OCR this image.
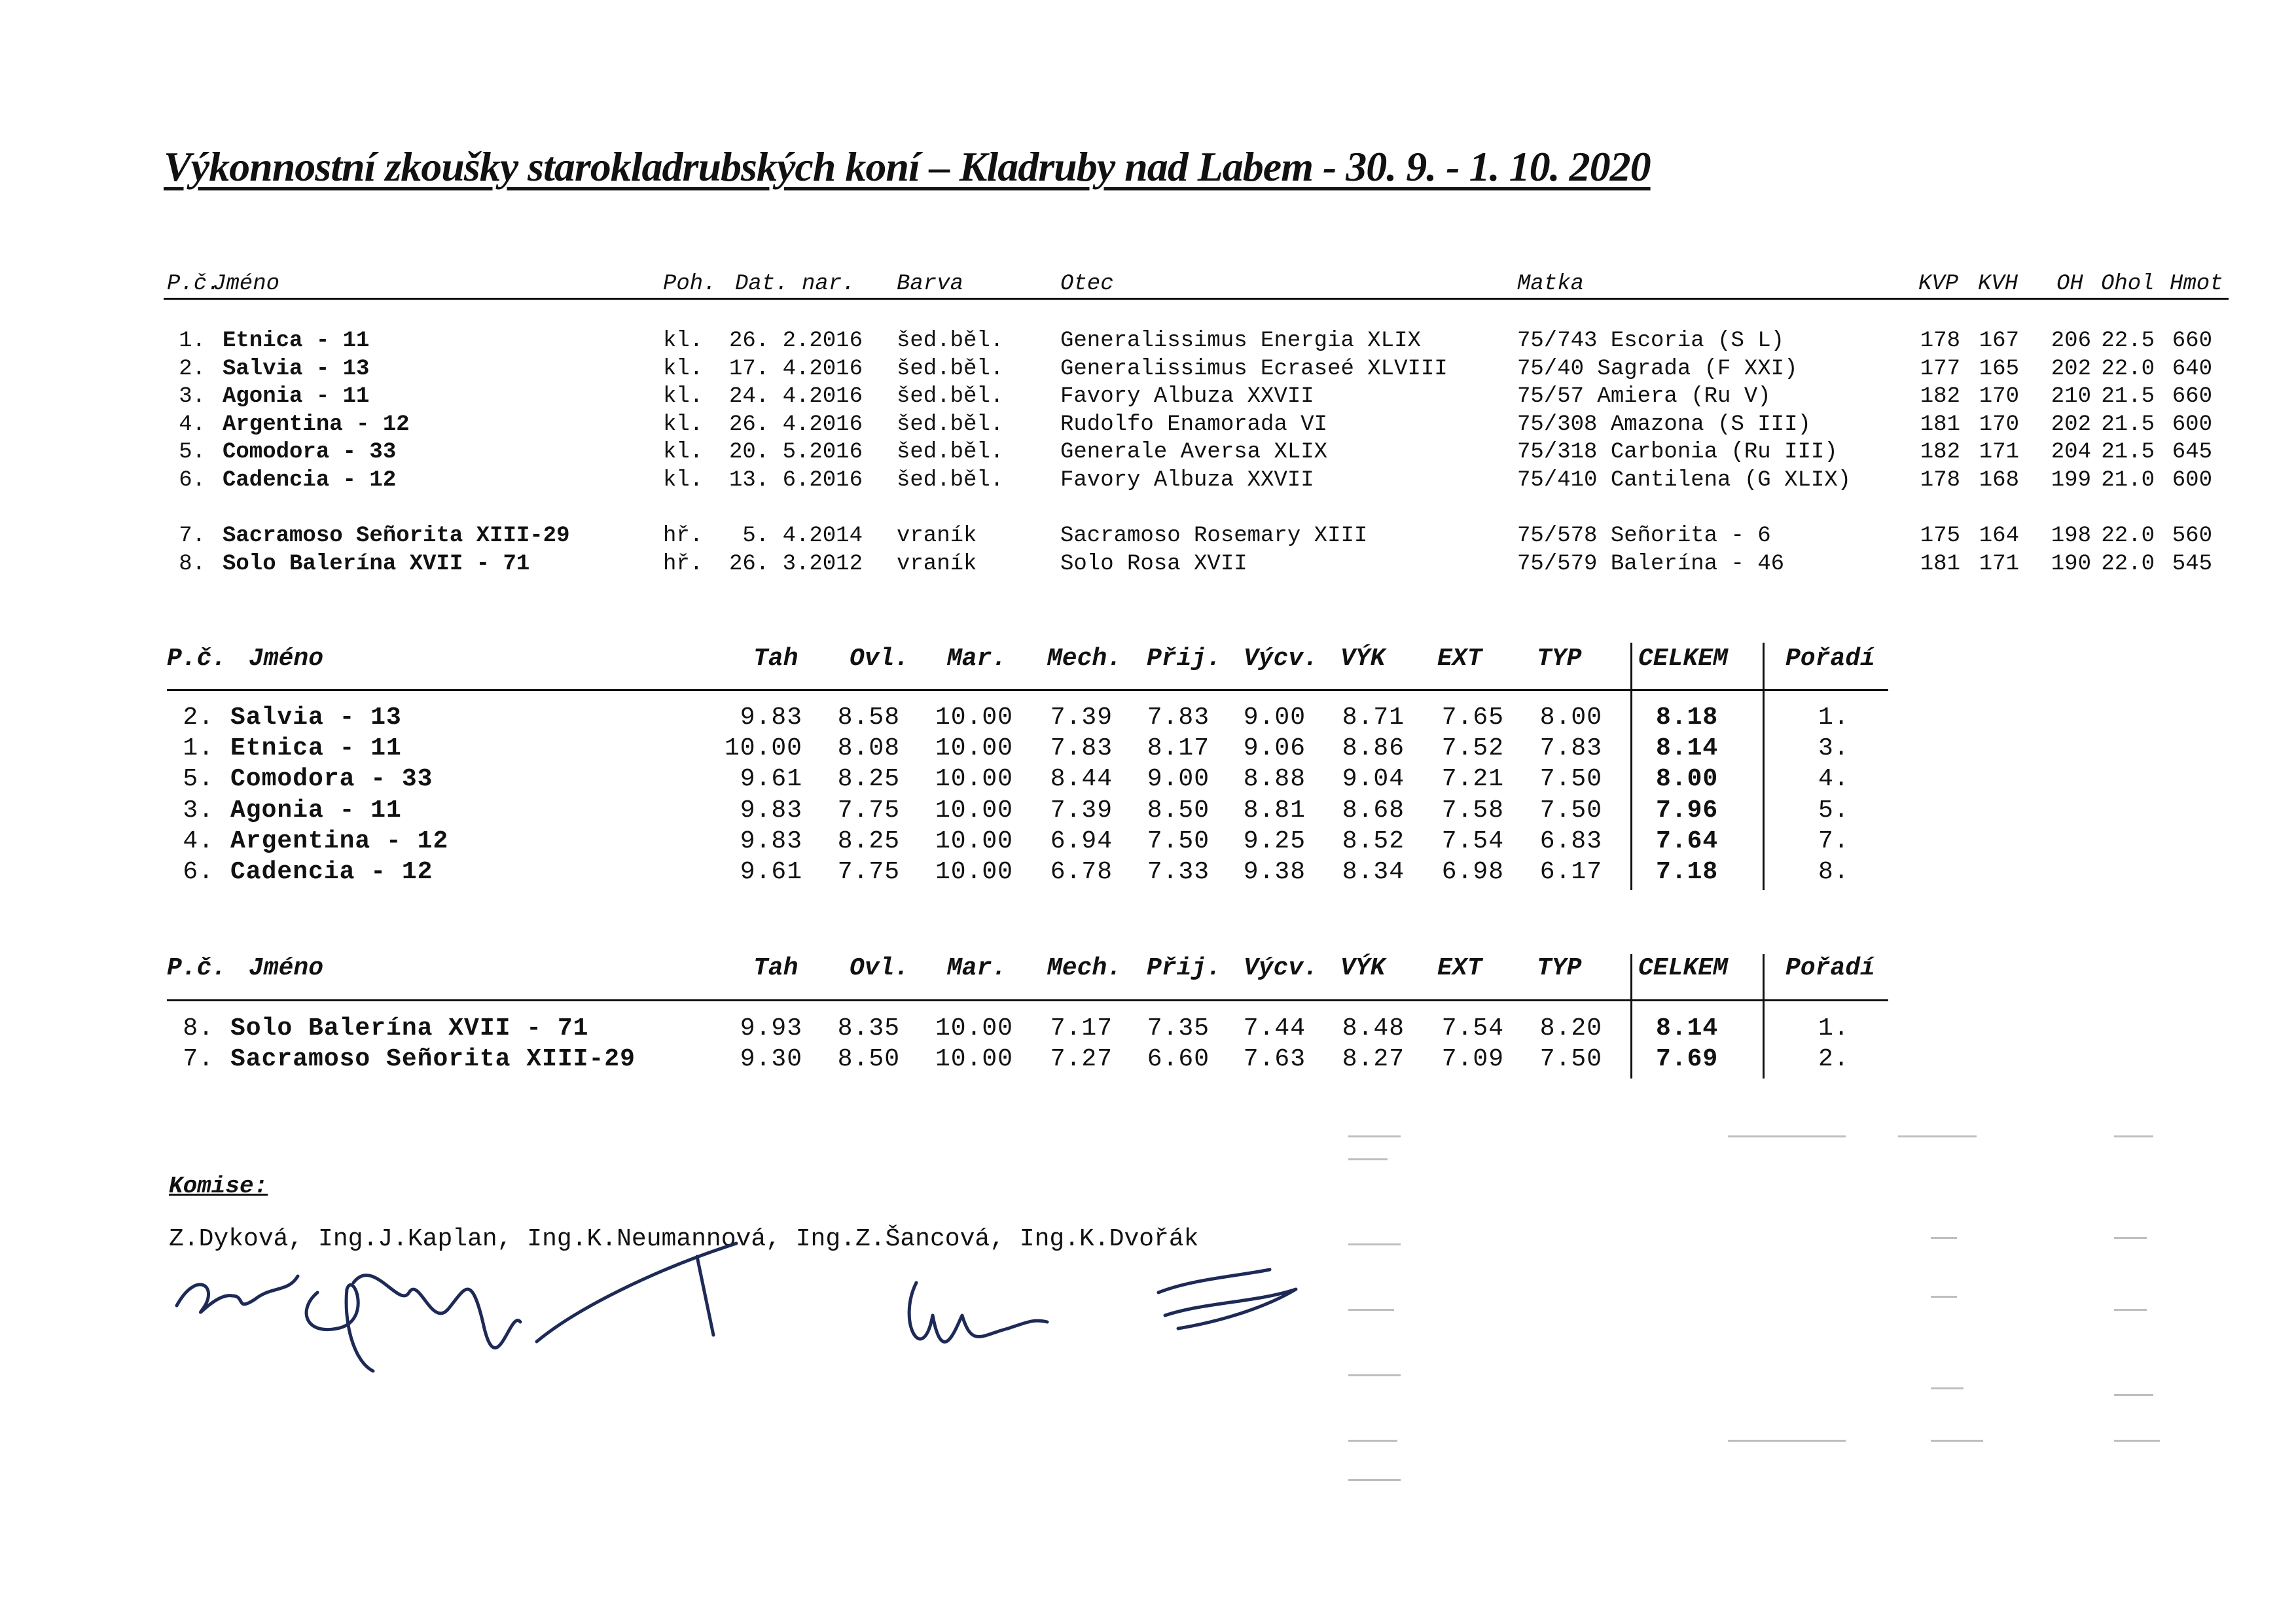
Výkonnostní zkoušky starokladrubských koní – Kladruby nad Labem - 30. 9. - 1. 10. 2020
P.č.
Jméno	Poh. Dat. nar. Barva	Otec	Matka	KVP KVH OH Ohol Hmot
1. Etnica - 11	kl. 26. 2.2016 šed.běl.	Generalissimus Energia XLIX	75/743 Escoria (S L)	178 167 206 22.5 660
2. Salvia - 13	kl. 17. 4.2016 šed.běl.	Generalissimus Ecraseé XLVIII	75/40 Sagrada (F XXI)	177 165 202 22.0 640
3. Agonia - 11	kl. 24. 4.2016 šed.běl.	Favory Albuza XXVII	75/57 Amiera (Ru V)	182 170 210 21.5 660
4. Argentina - 12	kl. 26. 4.2016 šed.běl.	Rudolfo Enamorada VI	75/308 Amazona (S III)	181 170 202 21.5 600
5. Comodora - 33	kl. 20. 5.2016 šed.běl.	Generale Aversa XLIX	75/318 Carbonia (Ru III)	182 171 204 21.5 645
6. Cadencia - 12	kl. 13. 6.2016 šed.běl.	Favory Albuza XXVII	75/410 Cantilena (G XLIX)	178 168 199 21.0 600
7. Sacramoso Señorita XIII-29	hř. 5. 4.2014 vraník	Sacramoso Rosemary XIII	75/578 Señorita - 6	175 164 198 22.0 560
8. Solo Balerína XVII - 71	hř. 26. 3.2012 vraník	Solo Rosa XVII	75/579 Balerína - 46	181 171 190 22.0 545
P.č. Jméno	Tah Ovl. Mar. Mech. Přij. Výcv. VÝK EXT TYP CELKEM Pořadí
2. Salvia - 13	9.83 8.58 10.00 7.39 7.83 9.00 8.71 7.65 8.00 8.18	1.
1. Etnica - 11	10.00 8.08 10.00 7.83 8.17 9.06 8.86 7.52 7.83 8.14	3.
5. Comodora - 33	9.61 8.25 10.00 8.44 9.00 8.88 9.04 7.21 7.50 8.00	4.
3. Agonia - 11	9.83 7.75 10.00 7.39 8.50 8.81 8.68 7.58 7.50 7.96	5.
4. Argentina - 12	9.83 8.25 10.00 6.94 7.50 9.25 8.52 7.54 6.83 7.64	7.
6. Cadencia - 12	9.61 7.75 10.00 6.78 7.33 9.38 8.34 6.98 6.17 7.18	8.
P.č. Jméno	Tah Ovl. Mar. Mech. Přij. Výcv. VÝK EXT TYP CELKEM Pořadí
8. Solo Balerína XVII - 71	9.93 8.35 10.00 7.17 7.35 7.44 8.48 7.54 8.20 8.14	1.
7. Sacramoso Señorita XIII-29	9.30 8.50 10.00 7.27 6.60 7.63 8.27 7.09 7.50 7.69	2.
Komise:
Z.Dyková, Ing.J.Kaplan, Ing.K.Neumannová, Ing.Z.Šancová, Ing.K.Dvořák
